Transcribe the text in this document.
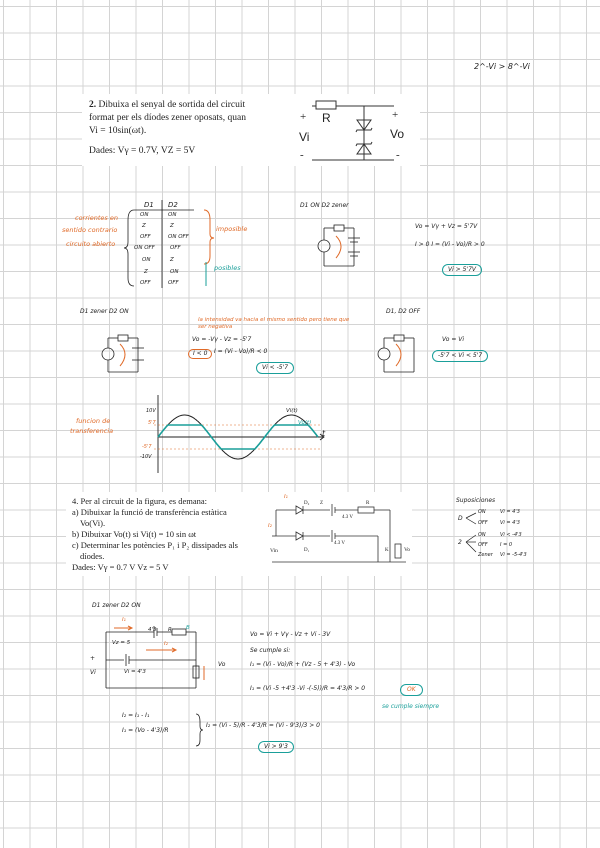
2^-Vi > 8^-Vi
2. Dibuixa el senyal de sortida del circuit
format per els díodes zener oposats, quan
Vi = 10sin(ωt).
Dades: Vγ = 0.7V, VZ = 5V
+ R	+
Vi	Vo
-	-
D1 D2
ON	ON
Z	Z
OFF	ON OFF
ON OFF	OFF
ON	Z
Z	ON
OFF	OFF
corrientes en
sentido contrario
circuito abierto
imposible
posibles
D1 ON D2 zener
Vo = Vγ + Vz = 5'7V
I > 0 I = (Vi - Vo)/R > 0
Vi > 5'7V
D1 zener D2 ON
la intensidad va hacia el mismo sentido pero tiene que ser negativa
Vo = -Vγ - Vz = -5'7
I < 0	I = (Vi - Vo)/R < 0
Vi < -5'7
D1, D2 OFF
Vo = Vi
-5'7 < Vi < 5'7
funcion de
transferencia
10V
5'7
-5'7
-10V
Vi(t)
Vo(t)
t
4. Per al circuit de la figura, es demana:
a) Dibuixar la funció de transferència estàtica
Vo(Vi).
b) Dibuixar Vo(t) si Vi(t) = 10 sin ωt
c) Determinar les potències P₁ i P₂ dissipades als
díodes.
Dades: Vγ = 0.7 V Vz = 5 V
Z
D₂	R
4.3 V
4.3 V
D₁
Vin	Vo
K
I₁
I₂
Suposiciones
D
ON	Vi = 4'3
OFF Vi = 4'3
2
ON	Vi < -4'3
OFF I = 0
Zener Vi = -5-4'3
D1 zener D2 ON
I₁
I₂
R	B
Vz = 5
4'3
Vi = 4'3
+
Vi
Vo
Vo = Vi + Vγ - Vz + Vi - 3V
Se cumple si:
I₁ = (Vi - Vo)/R + (Vz - 5 + 4'3) - Vo
I₁ = (Vi -5 +4'3 -Vi -(-5))/R = 4'3/R > 0	OK
se cumple siempre
I₂ = I₁ - I₁
I₁ = (Vo - 4'3)/R
I₂ = (Vi - 5)/R - 4'3/R = (Vi - 9'3)/3 > 0
Vi > 9'3
